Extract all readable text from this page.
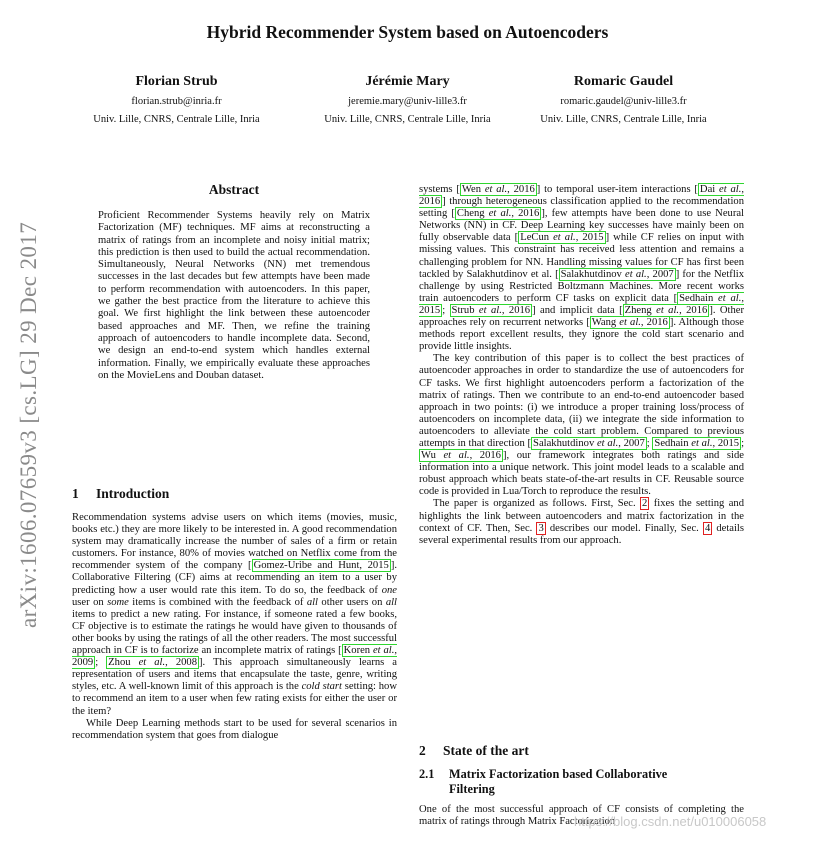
Hybrid Recommender System based on Autoencoders
Florian Strub
florian.strub@inria.fr
Univ. Lille, CNRS, Centrale Lille, Inria
Jérémie Mary
jeremie.mary@univ-lille3.fr
Univ. Lille, CNRS, Centrale Lille, Inria
Romaric Gaudel
romaric.gaudel@univ-lille3.fr
Univ. Lille, CNRS, Centrale Lille, Inria
arXiv:1606.07659v3 [cs.LG] 29 Dec 2017
Abstract

Proficient Recommender Systems heavily rely on Matrix Factorization (MF) techniques. MF aims at reconstructing a matrix of ratings from an incomplete and noisy initial matrix; this prediction is then used to build the actual recommendation. Simultaneously, Neural Networks (NN) met tremendous successes in the last decades but few attempts have been made to perform recommendation with autoencoders. In this paper, we gather the best practice from the literature to achieve this goal. We first highlight the link between these autoencoder based approaches and MF. Then, we refine the training approach of autoencoders to handle incomplete data. Second, we design an end-to-end system which handles external information. Finally, we empirically evaluate these approaches on the MovieLens and Douban dataset.

1 Introduction

Recommendation systems advise users on which items (movies, music, books etc.) they are more likely to be interested in. A good recommendation system may dramatically increase the number of sales of a firm or retain customers. For instance, 80% of movies watched on Netflix come from the recommender system of the company [ Gomez-Uribe and Hunt, 2015 ]. Collaborative Filtering (CF) aims at recommending an item to a user by predicting how a user would rate this item. To do so, the feedback of one user on some items is combined with the feedback of all other users on all items to predict a new rating. For instance, if someone rated a few books, CF objective is to estimate the ratings he would have given to thousands of other books by using the ratings of all the other readers. The most successful approach in CF is to factorize an incomplete matrix of ratings [ Koren et al., 2009 ; Zhou et al., 2008 ]. This approach simultaneously learns a representation of users and items that encapsulate the taste, genre, writing styles, etc. A well-known limit of this approach is the cold start setting: how to recommend an item to a user when few rating exists for either the user or the item?

While Deep Learning methods start to be used for several scenarios in recommendation system that goes from dialogue

systems [ Wen et al., 2016 ] to temporal user-item interactions [ Dai et al., 2016 ] through heterogeneous classification applied to the recommendation setting [ Cheng et al., 2016 ], few attempts have been done to use Neural Networks (NN) in CF. Deep Learning key successes have mainly been on fully observable data [ LeCun et al., 2015 ] while CF relies on input with missing values. This constraint has received less attention and remains a challenging problem for NN. Handling missing values for CF has first been tackled by Salakhutdinov et al. [ Salakhutdinov et al., 2007 ] for the Netflix challenge by using Restricted Boltzmann Machines. More recent works train autoencoders to perform CF tasks on explicit data [ Sedhain et al., 2015 ; Strub et al., 2016 ] and implicit data [ Zheng et al., 2016 ]. Other approaches rely on recurrent networks [ Wang et al., 2016 ]. Although those methods report excellent results, they ignore the cold start scenario and provide little insights.

The key contribution of this paper is to collect the best practices of autoencoder approaches in order to standardize the use of autoencoders for CF tasks. We first highlight autoencoders perform a factorization of the matrix of ratings. Then we contribute to an end-to-end autoencoder based approach in two points: (i) we introduce a proper training loss/process of autoencoders on incomplete data, (ii) we integrate the side information to autoencoders to alleviate the cold start problem. Compared to previous attempts in that direction [ Salakhutdinov et al., 2007 ; Sedhain et al., 2015 ; Wu et al., 2016 ], our framework integrates both ratings and side information into a unique network. This joint model leads to a scalable and robust approach which beats state-of-the-art results in CF. Reusable source code is provided in Lua/Torch to reproduce the results.

The paper is organized as follows. First, Sec. 2 fixes the setting and highlights the link between autoencoders and matrix factorization in the context of CF. Then, Sec. 3 describes our model. Finally, Sec. 4 details several experimental results from our approach.

2 State of the art
2.1 Matrix Factorization based Collaborative
Filtering

One of the most successful approach of CF consists of completing the matrix of ratings through Matrix Factorization

https://blog.csdn.net/u010006058
